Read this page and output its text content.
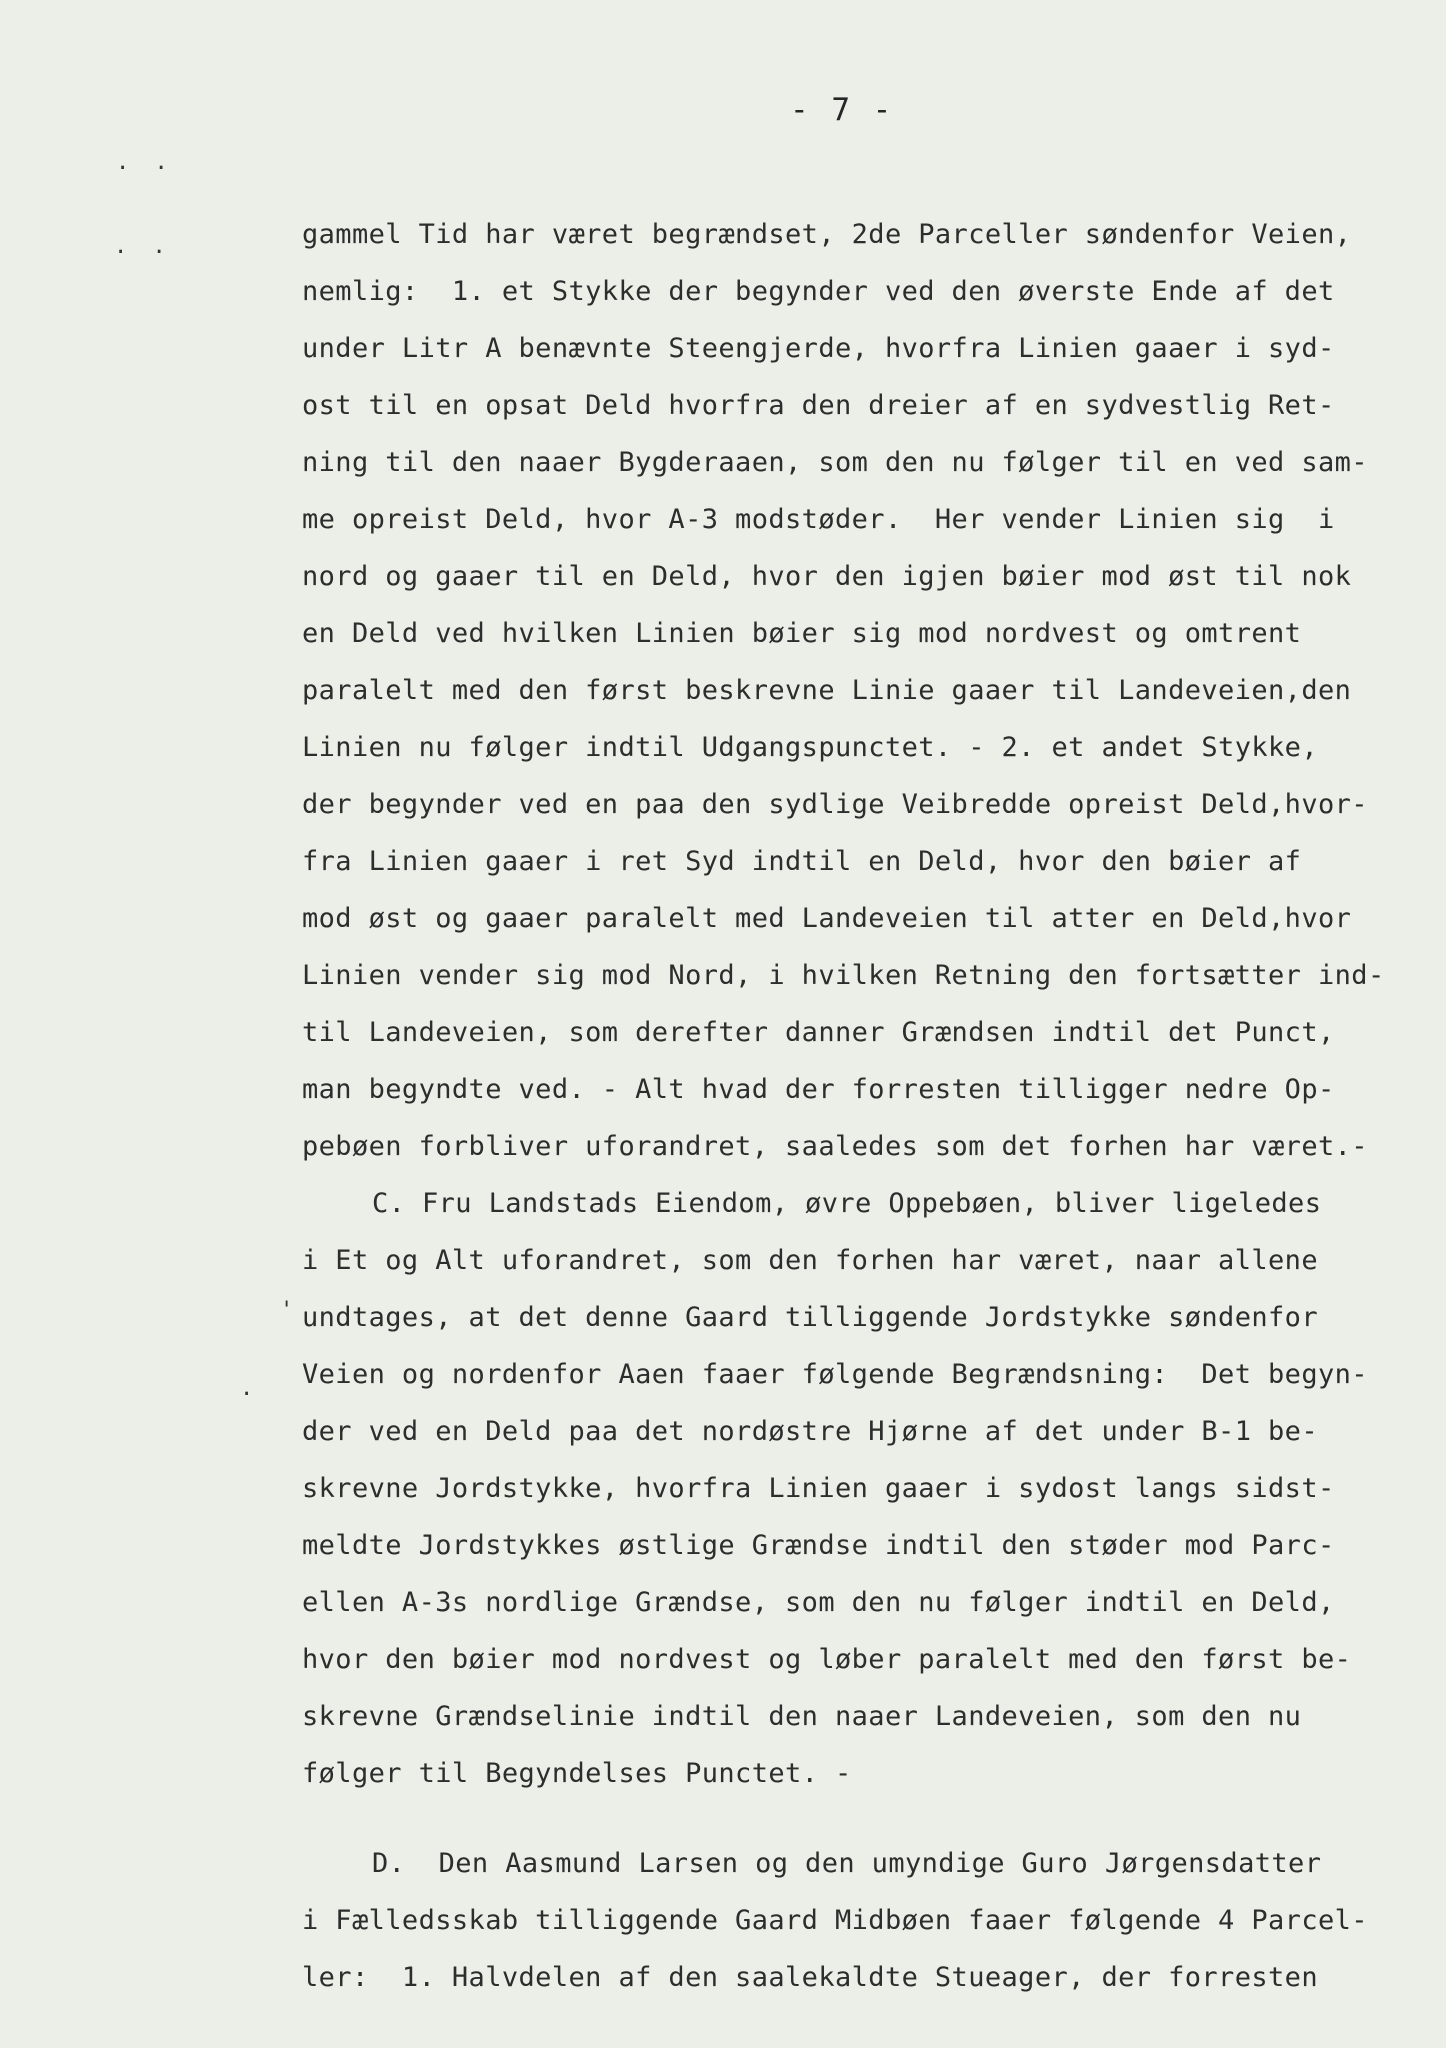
- 7 -
· ·
· ·
'
·
gammel Tid har været begrændset, 2de Parceller søndenfor Veien,
nemlig:  1. et Stykke der begynder ved den øverste Ende af det
under Litr A benævnte Steengjerde, hvorfra Linien gaaer i syd-
ost til en opsat Deld hvorfra den dreier af en sydvestlig Ret-
ning til den naaer Bygderaaen, som den nu følger til en ved sam-
me opreist Deld, hvor A-3 modstøder.  Her vender Linien sig  i
nord og gaaer til en Deld, hvor den igjen bøier mod øst til nok
en Deld ved hvilken Linien bøier sig mod nordvest og omtrent
paralelt med den først beskrevne Linie gaaer til Landeveien,den
Linien nu følger indtil Udgangspunctet. - 2. et andet Stykke,
der begynder ved en paa den sydlige Veibredde opreist Deld,hvor-
fra Linien gaaer i ret Syd indtil en Deld, hvor den bøier af
mod øst og gaaer paralelt med Landeveien til atter en Deld,hvor
Linien vender sig mod Nord, i hvilken Retning den fortsætter ind-
til Landeveien, som derefter danner Grændsen indtil det Punct,
man begyndte ved. - Alt hvad der forresten tilligger nedre Op-
pebøen forbliver uforandret, saaledes som det forhen har været.-
C. Fru Landstads Eiendom, øvre Oppebøen, bliver ligeledes
i Et og Alt uforandret, som den forhen har været, naar allene
undtages, at det denne Gaard tilliggende Jordstykke søndenfor
Veien og nordenfor Aaen faaer følgende Begrændsning:  Det begyn-
der ved en Deld paa det nordøstre Hjørne af det under B-1 be-
skrevne Jordstykke, hvorfra Linien gaaer i sydost langs sidst-
meldte Jordstykkes østlige Grændse indtil den støder mod Parc-
ellen A-3s nordlige Grændse, som den nu følger indtil en Deld,
hvor den bøier mod nordvest og løber paralelt med den først be-
skrevne Grændselinie indtil den naaer Landeveien, som den nu
følger til Begyndelses Punctet. -
D.  Den Aasmund Larsen og den umyndige Guro Jørgensdatter
i Fælledsskab tilliggende Gaard Midbøen faaer følgende 4 Parcel-
ler:  1. Halvdelen af den saalekaldte Stueager, der forresten
